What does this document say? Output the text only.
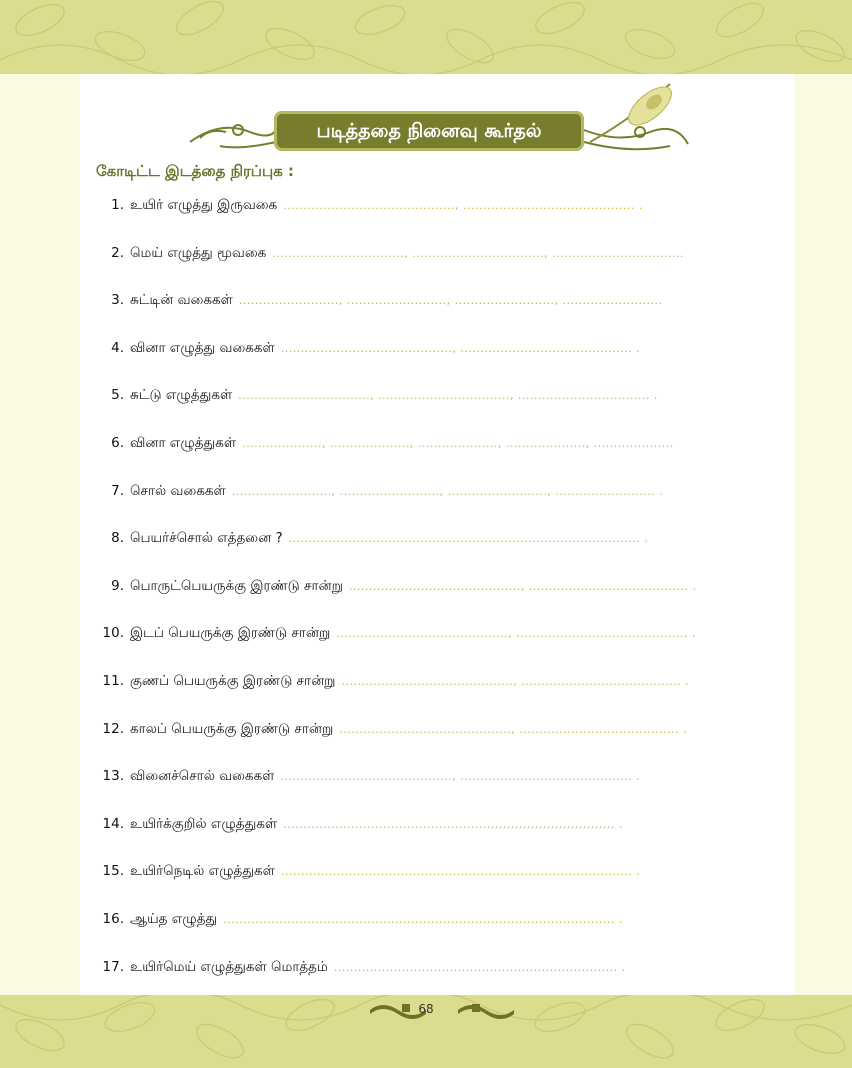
படித்ததை நினைவு கூர்தல்
கோடிட்ட இடத்தை நிரப்புக :
1. உயிர் எழுத்து இருவகை ..........................................., ........................................... .
2. மெய் எழுத்து மூவகை ................................., ................................., .................................
3. சுட்டின் வகைகள் ........................., ........................., ........................., .........................
4. வினா எழுத்து வகைகள் ..........................................., ........................................... .
5. சுட்டு எழுத்துகள் ................................., ................................., ................................. .
6. வினா எழுத்துகள் ...................., ...................., ...................., ...................., ....................
7. சொல் வகைகள் ........................., ........................., ........................., ......................... .
8. பெயர்ச்சொல் எத்தனை ? ........................................................................................ .
9. பொருட்பெயருக்கு இரண்டு சான்று ..........................................., ........................................ .
10. இடப் பெயருக்கு இரண்டு சான்று ..........................................., ........................................... .
11. குணப் பெயருக்கு இரண்டு சான்று ..........................................., ........................................ .
12. காலப் பெயருக்கு இரண்டு சான்று ..........................................., ........................................ .
13. வினைச்சொல் வகைகள் ..........................................., ........................................... .
14. உயிர்க்குறில் எழுத்துகள் ................................................................................... .
15. உயிர்நெடில் எழுத்துகள் ........................................................................................ .
16. ஆய்த எழுத்து .................................................................................................. .
17. உயிர்மெய் எழுத்துகள் மொத்தம் ....................................................................... .
68
